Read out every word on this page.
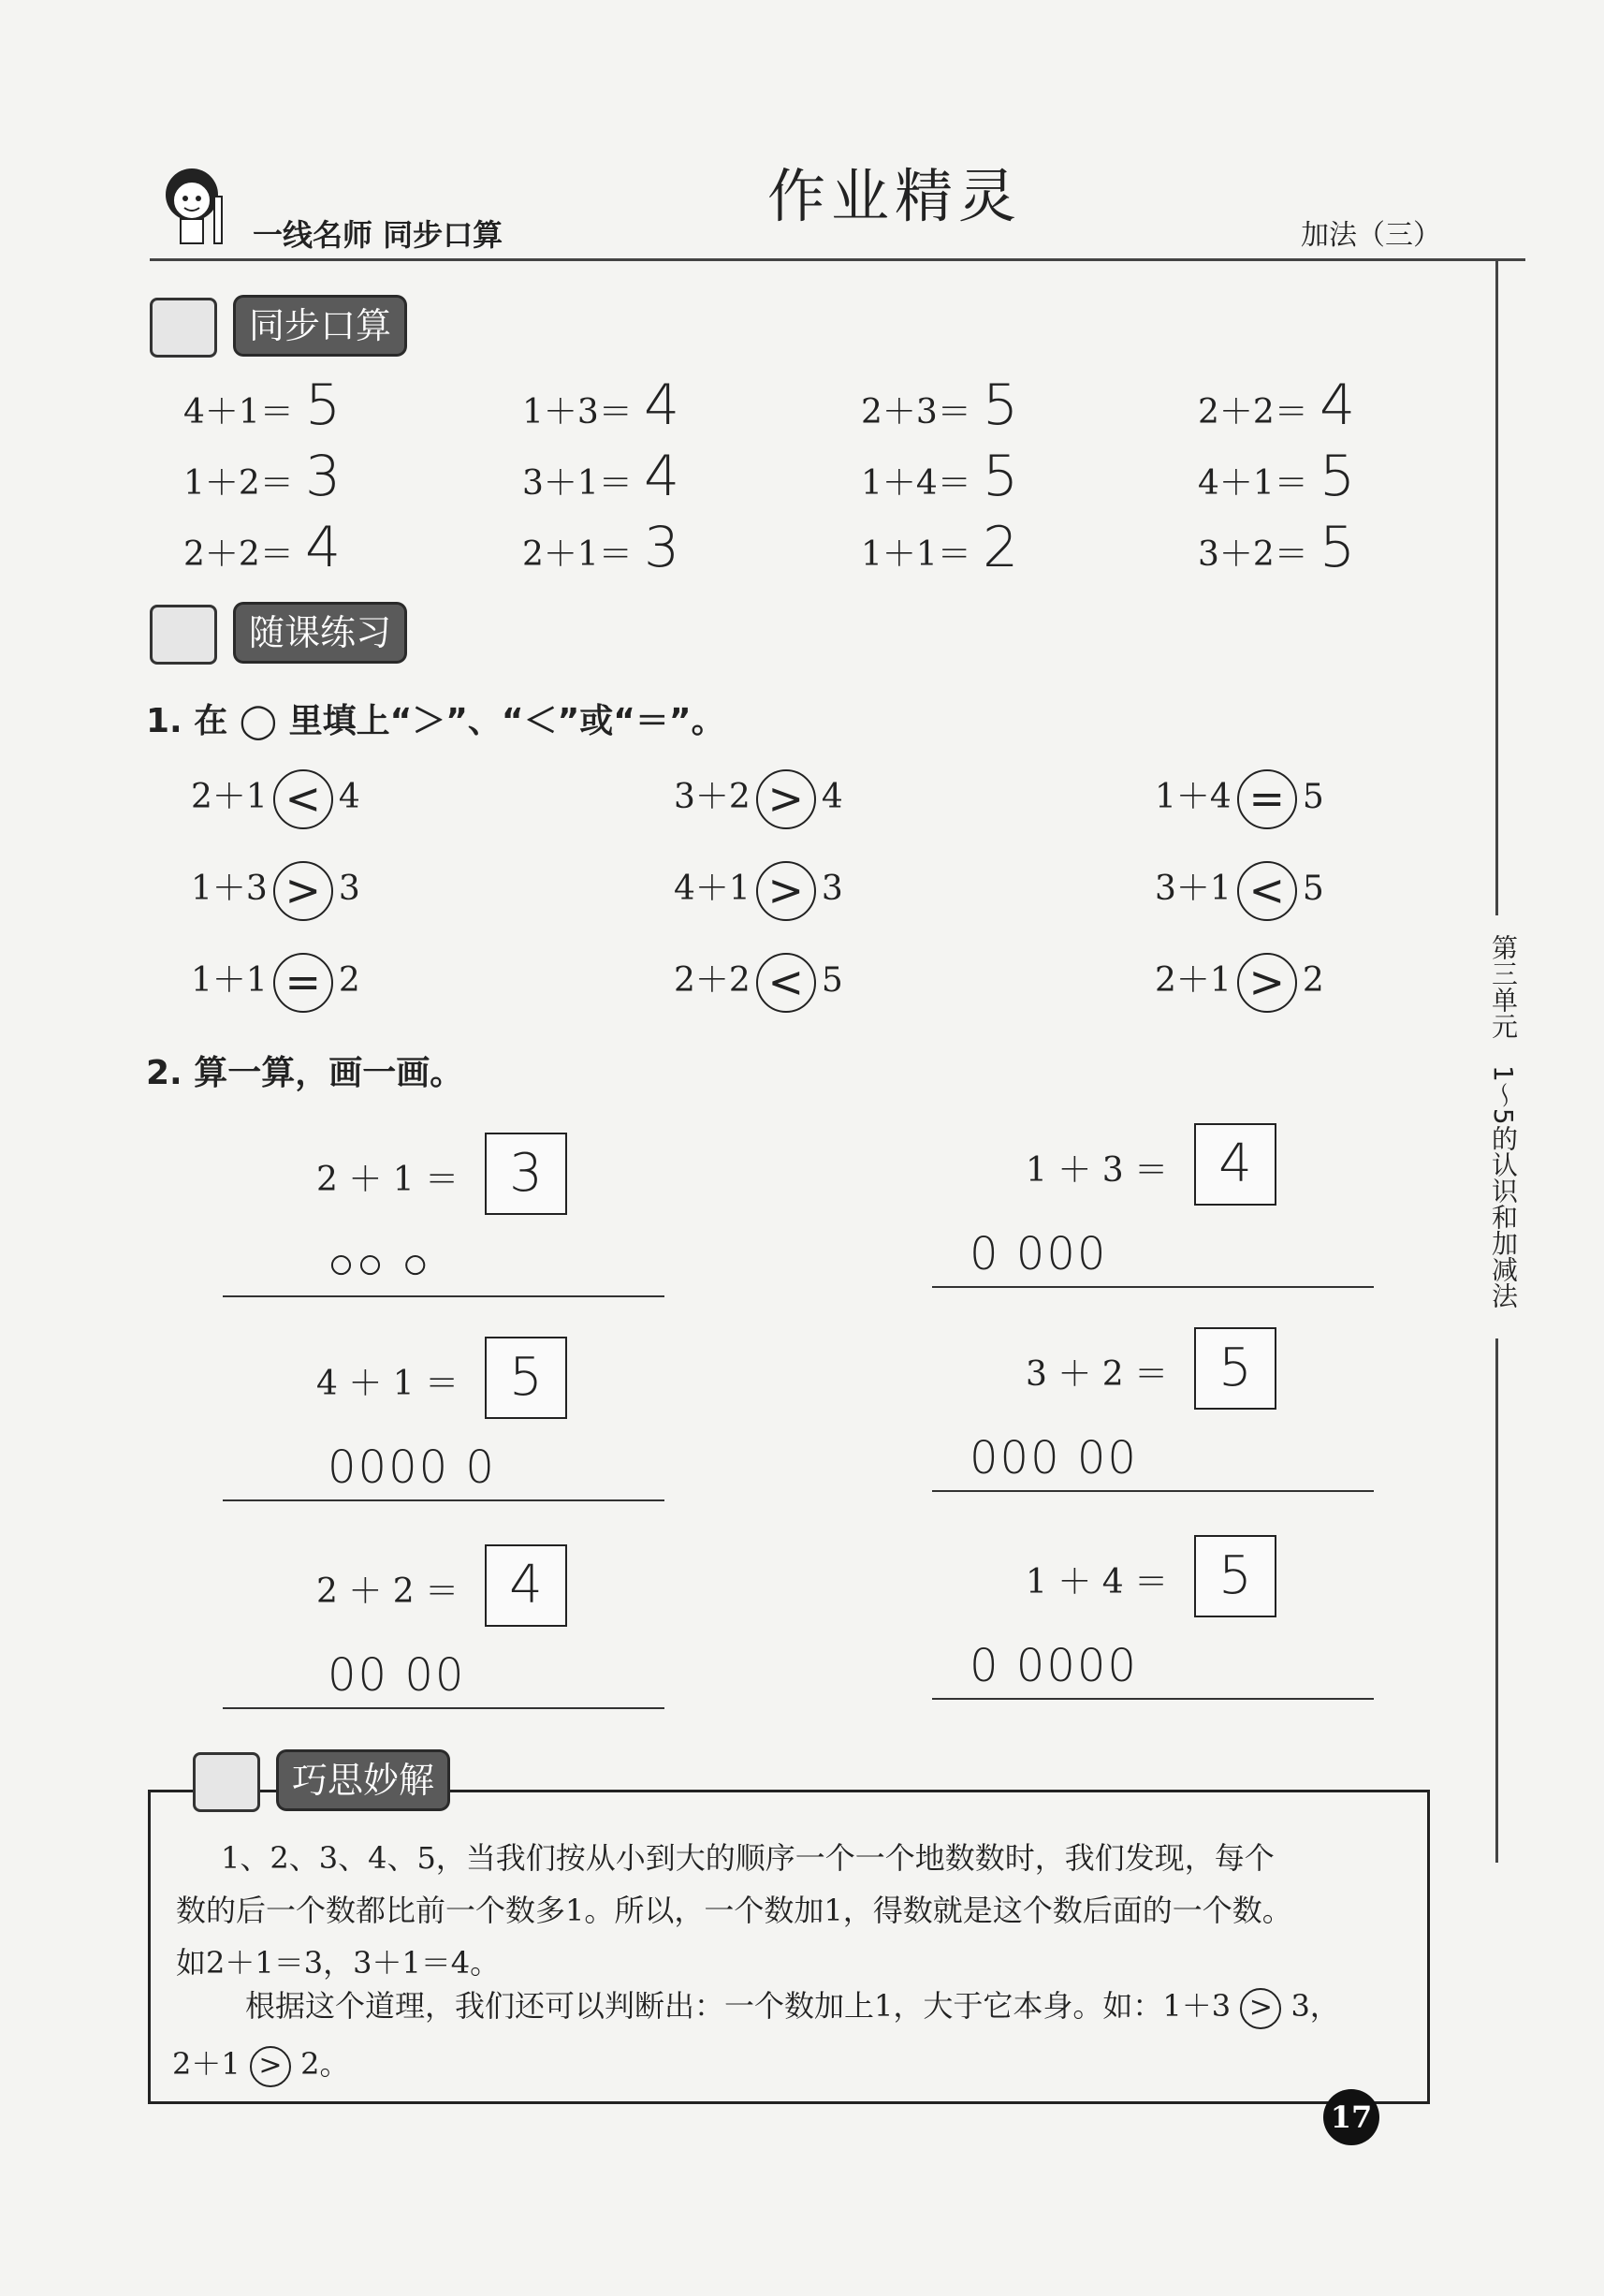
一线名师 同步口算
作业精灵
加法（三）
第三单元　1～5的认识和加减法
同步口算
随课练习
1. 在 ◯ 里填上“＞”、“＜”或“＝”。
2. 算一算，画一画。
巧思妙解
1、2、3、4、5，当我们按从小到大的顺序一个一个地数数时，我们发现，每个
数的后一个数都比前一个数多1。所以，一个数加1，得数就是这个数后面的一个数。
如2＋1＝3，3＋1＝4。
根据这个道理，我们还可以判断出：一个数加上1，大于它本身。如：1＋3 > 3，
2＋1 > 2。
17
4＋1＝ 5	1＋3＝ 4	2＋3＝ 5	2＋2＝ 4
1＋2＝ 3	3＋1＝ 4	1＋4＝ 5	4＋1＝ 5
2＋2＝ 4	2＋1＝ 3	1＋1＝ 2	3＋2＝ 5
2＋1 < 4	3＋2 > 4	1＋4 = 5
1＋3 > 3	4＋1 > 3	3＋1 < 5
1＋1 = 2	2＋2 < 5	2＋1 > 2
2 ＋ 1 ＝ 3
○○ ○
1 ＋ 3 ＝ 4
0 000
4 ＋ 1 ＝ 5
0000 0
3 ＋ 2 ＝ 5
000 00
2 ＋ 2 ＝ 4
00 00
1 ＋ 4 ＝ 5
0 0000
